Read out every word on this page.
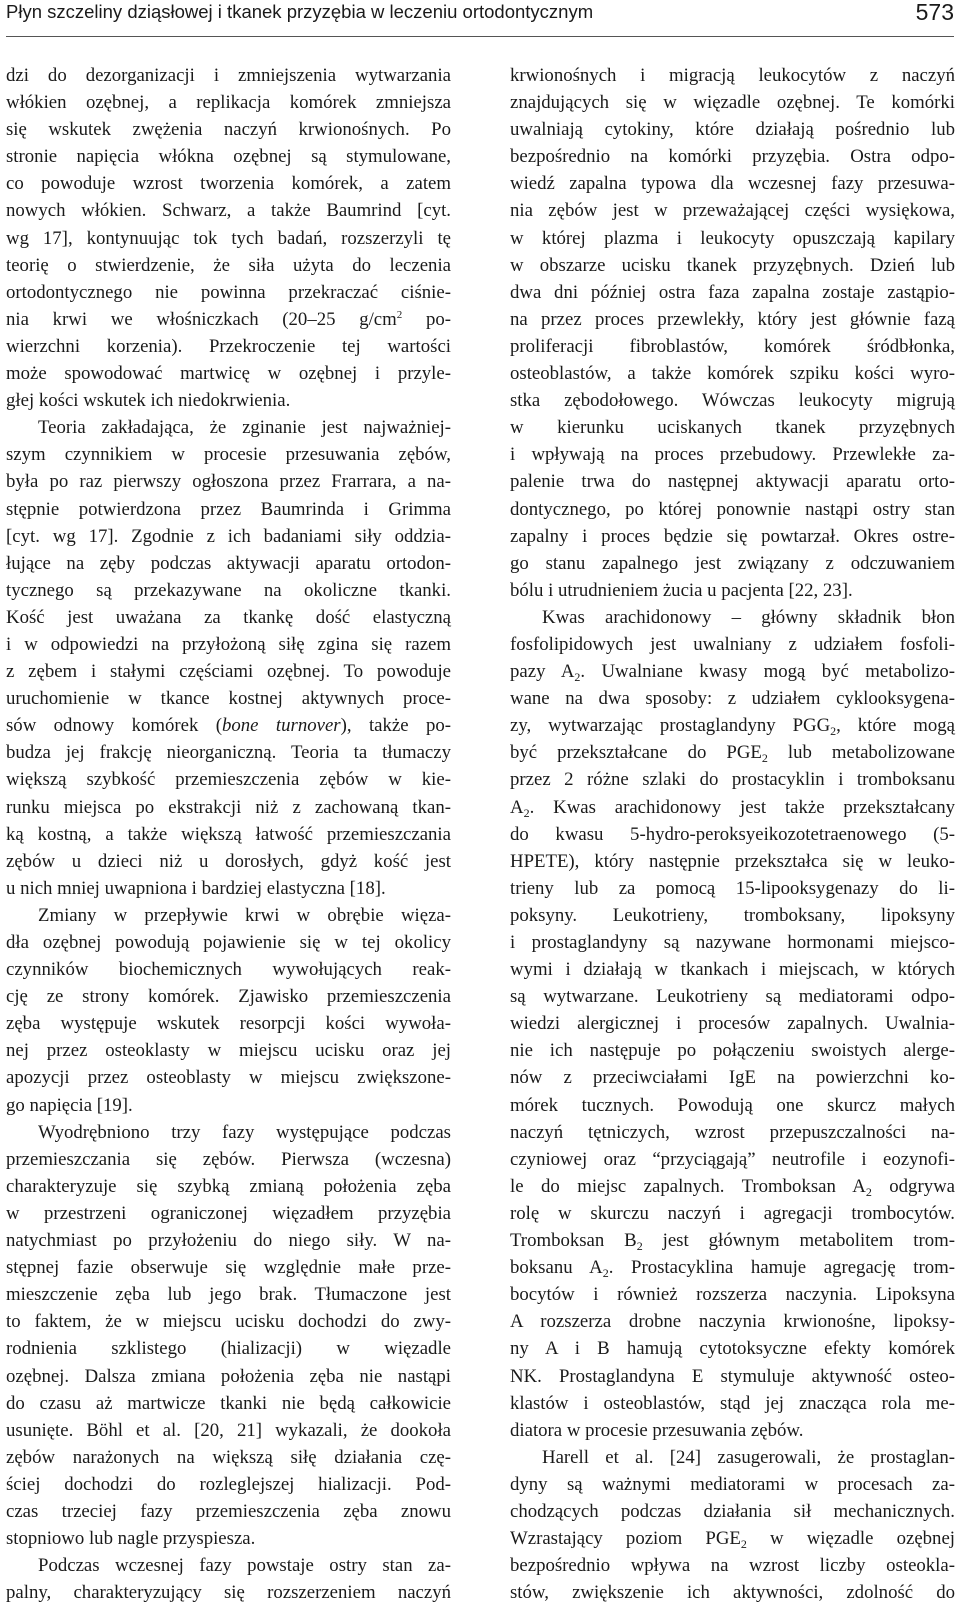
Płyn szczeliny dziąsłowej i tkanek przyzębia w leczeniu ortodontycznym	573
dzi do dezorganizacji i zmniejszenia wytwarzania
włókien ozębnej, a replikacja komórek zmniejsza
się wskutek zwężenia naczyń krwionośnych. Po
stronie napięcia włókna ozębnej są stymulowane,
co powoduje wzrost tworzenia komórek, a zatem
nowych włókien. Schwarz, a także Baumrind [cyt.
wg 17], kontynuując tok tych badań, rozszerzyli tę
teorię o stwierdzenie, że siła użyta do leczenia
ortodontycznego nie powinna przekraczać ciśnie-
nia krwi we włośniczkach (20–25 $g/cm^2$ po-
wierzchni korzenia). Przekroczenie tej wartości
może spowodować martwicę w ozębnej i przyle-
głej kości wskutek ich niedokrwienia.
Teoria zakładająca, że zginanie jest najważniej-
szym czynnikiem w procesie przesuwania zębów,
była po raz pierwszy ogłoszona przez Frarrara, a na-
stępnie potwierdzona przez Baumrinda i Grimma
[cyt. wg 17]. Zgodnie z ich badaniami siły oddzia-
łujące na zęby podczas aktywacji aparatu ortodon-
tycznego są przekazywane na okoliczne tkanki.
Kość jest uważana za tkankę dość elastyczną
i w odpowiedzi na przyłożoną siłę zgina się razem
z zębem i stałymi częściami ozębnej. To powoduje
uruchomienie w tkance kostnej aktywnych proce-
sów odnowy komórek (bone turnover), także po-
budza jej frakcję nieorganiczną. Teoria ta tłumaczy
większą szybkość przemieszczenia zębów w kie-
runku miejsca po ekstrakcji niż z zachowaną tkan-
ką kostną, a także większą łatwość przemieszczania
zębów u dzieci niż u dorosłych, gdyż kość jest
u nich mniej uwapniona i bardziej elastyczna [18].
Zmiany w przepływie krwi w obrębie więza-
dła ozębnej powodują pojawienie się w tej okolicy
czynników biochemicznych wywołujących reak-
cję ze strony komórek. Zjawisko przemieszczenia
zęba występuje wskutek resorpcji kości wywoła-
nej przez osteoklasty w miejscu ucisku oraz jej
apozycji przez osteoblasty w miejscu zwiększone-
go napięcia [19].
Wyodrębniono trzy fazy występujące podczas
przemieszczania się zębów. Pierwsza (wczesna)
charakteryzuje się szybką zmianą położenia zęba
w przestrzeni ograniczonej więzadłem przyzębia
natychmiast po przyłożeniu do niego siły. W na-
stępnej fazie obserwuje się względnie małe prze-
mieszczenie zęba lub jego brak. Tłumaczone jest
to faktem, że w miejscu ucisku dochodzi do zwy-
rodnienia szklistego (hializacji) w więzadle
ozębnej. Dalsza zmiana położenia zęba nie nastąpi
do czasu aż martwicze tkanki nie będą całkowicie
usunięte. Böhl et al. [20, 21] wykazali, że dookoła
zębów narażonych na większą siłę działania czę-
ściej dochodzi do rozleglejszej hializacji. Pod-
czas trzeciej fazy przemieszczenia zęba znowu
stopniowo lub nagle przyspiesza.
Podczas wczesnej fazy powstaje ostry stan za-
palny, charakteryzujący się rozszerzeniem naczyń
krwionośnych i migracją leukocytów z naczyń
znajdujących się w więzadle ozębnej. Te komórki
uwalniają cytokiny, które działają pośrednio lub
bezpośrednio na komórki przyzębia. Ostra odpo-
wiedź zapalna typowa dla wczesnej fazy przesuwa-
nia zębów jest w przeważającej części wysiękowa,
w której plazma i leukocyty opuszczają kapilary
w obszarze ucisku tkanek przyzębnych. Dzień lub
dwa dni później ostra faza zapalna zostaje zastąpio-
na przez proces przewlekły, który jest głównie fazą
proliferacji fibroblastów, komórek śródbłonka,
osteoblastów, a także komórek szpiku kości wyro-
stka zębodołowego. Wówczas leukocyty migrują
w kierunku uciskanych tkanek przyzębnych
i wpływają na proces przebudowy. Przewlekłe za-
palenie trwa do następnej aktywacji aparatu orto-
dontycznego, po której ponownie nastąpi ostry stan
zapalny i proces będzie się powtarzał. Okres ostre-
go stanu zapalnego jest związany z odczuwaniem
bólu i utrudnieniem żucia u pacjenta [22, 23].
Kwas arachidonowy – główny składnik błon
fosfolipidowych jest uwalniany z udziałem fosfoli-
pazy $A_2$. Uwalniane kwasy mogą być metabolizo-
wane na dwa sposoby: z udziałem cyklooksygena-
zy, wytwarzając prostaglandyny $PGG_2$, które mogą
być przekształcane do $PGE_2$ lub metabolizowane
przez 2 różne szlaki do prostacyklin i tromboksanu
$A_2$. Kwas arachidonowy jest także przekształcany
do kwasu 5-hydro-peroksyeikozotetraenowego (5-
HPETE), który następnie przekształca się w leuko-
trieny lub za pomocą 15-lipooksygenazy do li-
poksyny. Leukotrieny, tromboksany, lipoksyny
i prostaglandyny są nazywane hormonami miejsco-
wymi i działają w tkankach i miejscach, w których
są wytwarzane. Leukotrieny są mediatorami odpo-
wiedzi alergicznej i procesów zapalnych. Uwalnia-
nie ich następuje po połączeniu swoistych alergе-
nów z przeciwciałami IgE na powierzchni ko-
mórek tucznych. Powodują one skurcz małych
naczyń tętniczych, wzrost przepuszczalności na-
czyniowej oraz “przyciągają” neutrofile i eozynofi-
le do miejsc zapalnych. Tromboksan $A_2$ odgrywa
rolę w skurczu naczyń i agregacji trombocytów.
Tromboksan $B_2$ jest głównym metabolitem trom-
boksanu $A_2$. Prostacyklina hamuje agregację trom-
bocytów i również rozszerza naczynia. Lipoksyna
A rozszerza drobne naczynia krwionośne, lipoksy-
ny A i B hamują cytotoksyczne efekty komórek
NK. Prostaglandyna E stymuluje aktywność osteo-
klastów i osteoblastów, stąd jej znacząca rola me-
diatora w procesie przesuwania zębów.
Harell et al. [24] zasugerowali, że prostaglan-
dyny są ważnymi mediatorami w procesach za-
chodzących podczas działania sił mechanicznych.
Wzrastający poziom $PGE_2$ w więzadle ozębnej
bezpośrednio wpływa na wzrost liczby osteokla-
stów, zwiększenie ich aktywności, zdolność do
